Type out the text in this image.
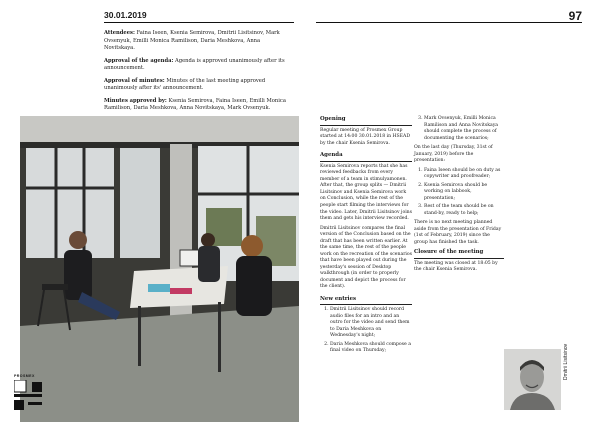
30.01.2019	97

Attendees: Faina Iseen, Ksenia Semirova, Dmitrii Lisitsinov, Mark Ovsenyuk, Emilli Monica Ramilison, Daria Meshkova, Anna Novitskaya.

Approval of the agenda: Agenda is approved unanimously after its announcement.

Approval of minutes: Minutes of the last meeting approved unanimously after its' announcement.

Minutes approved by: Ksenia Semirova, Faina Iseen, Emilli Monica Ramilison, Daria Meshkova, Anna Novitskaya, Mark Ovsenyuk.

Opening

Regular meeting of Prosmex Group started at 14:00 30.01.2018 in HSEAD by the chair Ksenia Semirova.

Agenda

Ksenia Semirova reports that she has reviewed feedbacks from every member of a team in stimulyamonen. After that, the group splits — Dmitrii Lisitsinov and Ksenia Semirova work on Conclusion, while the rest of the people start filming the interviews for the video. Later, Dmitrii Lisitsinov joins them and gets his interview recorded.

Dmitrii Lisitsinov compares the final version of the Conclusion based on the draft that has been written earlier. At the same time, the rest of the people work on the recreation of the scenarios that have been played out during the yesterday's session of Desktop walkthrough (in order to properly document and depict the process for the client).

New entries
1. Dmitrii Lisitsinov should record audio files for an intro and an outro for the video and send them to Daria Meshkova on Wednesday's night;
2. Daria Meshkova should compose a final video on Thursday;
3. Mark Ovsenyuk, Emilli Monica Ramilison and Anna Novitskaya should complete the process of documenting the scenarios;

On the last day (Thursday, 31st of January, 2019) before the presentation:

1. Faina Iseen should be on duty as copywriter and proofreader;
2. Ksenia Semirova should be working on labbook, presentation;
3. Rest of the team should be on stand-by, ready to help;

There is no next meeting planned aside from the presentation of Friday (1st of February, 2019) since the group has finished the task.

Closure of the meeting

The meeting was closed at 18:05 by the chair Ksenia Semirova.

Dmitrii Lisitsinov
PROSMEX
